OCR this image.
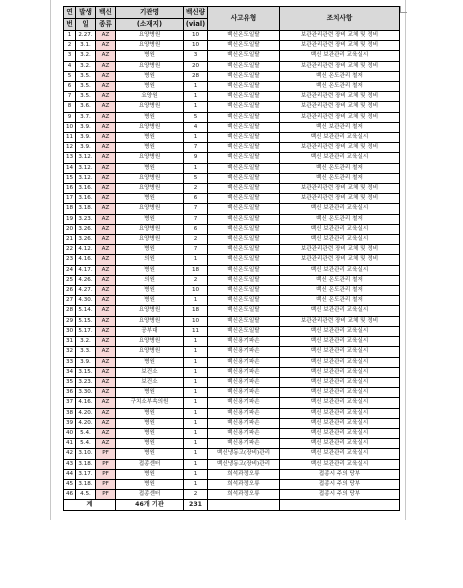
연	발생	백신	기관명	백신량	사고유형	조치사항
번	일	종류	(소재지)	(vial)		
1	2.27.	AZ	요양병원	10	백신온도일탈	보관관리관련 장비 교체 및 정비
2	3.1.	AZ	요양병원	10	백신온도일탈	보관관리관련 장비 교체 및 정비
3	3.2.	AZ	병원	3	백신온도일탈	백신 보관관리 교육실시
4	3.2.	AZ	요양병원	20	백신온도일탈	보관관리관련 장비 교체 및 정비
5	3.5.	AZ	병원	28	백신온도일탈	백신 온도관리 철저
6	3.5.	AZ	병원	1	백신온도일탈	백신 온도관리 철저
7	3.5.	AZ	요양원	1	백신온도일탈	보관관리관련 장비 교체 및 정비
8	3.6.	AZ	요양병원	1	백신온도일탈	보관관리관련 장비 교체 및 정비
9	3.7.	AZ	병원	5	백신온도일탈	보관관리관련 장비 교체 및 정비
10	3.9.	AZ	요양병원	4	백신온도일탈	백신 보관관리 철저
11	3.9.	AZ	병원	1	백신온도일탈	백신 보관관리 교육실시
12	3.9.	AZ	병원	7	백신온도일탈	보관관리관련 장비 교체 및 정비
13	3.12.	AZ	요양병원	9	백신온도일탈	백신 보관관리 교육실시
14	3.12.	AZ	병원	1	백신온도일탈	백신 온도관리 철저
15	3.12.	AZ	요양병원	5	백신온도일탈	백신 온도관리 철저
16	3.16.	AZ	요양병원	2	백신온도일탈	보관관리관련 장비 교체 및 정비
17	3.16.	AZ	병원	6	백신온도일탈	보관관리관련 장비 교체 및 정비
18	3.18.	AZ	요양병원	7	백신온도일탈	백신 보관관리 교육실시
19	3.23.	AZ	병원	7	백신온도일탈	백신 온도관리 철저
20	3.26.	AZ	요양병원	6	백신온도일탈	백신 보관관리 교육실시
21	3.26.	AZ	요양병원	2	백신온도일탈	백신 보관관리 교육실시
22	4.12.	AZ	병원	7	백신온도일탈	보관관리관련 장비 교체 및 정비
23	4.16.	AZ	의원	1	백신온도일탈	보관관리관련 장비 교체 및 정비
24	4.17.	AZ	병원	18	백신온도일탈	백신 보관관리 교육실시
25	4.26.	AZ	의원	2	백신온도일탈	백신 온도관리 철저
26	4.27.	AZ	병원	10	백신온도일탈	백신 온도관리 철저
27	4.30.	AZ	병원	1	백신온도일탈	백신 온도관리 철저
28	5.14.	AZ	요양병원	18	백신온도일탈	백신 보관관리 교육실시
29	5.15.	AZ	요양병원	10	백신온도일탈	보관관리관련 장비 교체 및 정비
30	5.17.	AZ	공부대	11	백신온도일탈	백신 보관관리 교육실시
31	3.2.	AZ	요양병원	1	백신용기파손	백신 보관관리 교육실시
32	3.3.	AZ	요양병원	1	백신용기파손	백신 보관관리 교육실시
33	3.9.	AZ	병원	1	백신용기파손	백신 보관관리 교육실시
34	3.15.	AZ	보건소	1	백신용기파손	백신 보관관리 교육실시
35	3.23.	AZ	보건소	1	백신용기파손	백신 보관관리 교육실시
36	3.30.	AZ	병원	1	백신용기파손	백신 보관관리 교육실시
37	4.16.	AZ	구치소부속의원	1	백신용기파손	백신 보관관리 교육실시
38	4.20.	AZ	병원	1	백신용기파손	백신 보관관리 교육실시
39	4.20.	AZ	병원	1	백신용기파손	백신 보관관리 교육실시
40	5.4.	AZ	병원	1	백신용기파손	백신 보관관리 교육실시
41	5.4.	AZ	병원	1	백신용기파손	백신 보관관리 교육실시
42	3.10.	PF	병원	1	백신냉동고(장비)관리	백신 보관관리 교육실시
43	3.18.	PF	접종센터	1	백신냉동고(장비)관리	백신 보관관리 교육실시
44	3.17.	PF	병원	1	희석과정오류	접종시 주의 당부
45	3.18.	PF	병원	1	희석과정오류	접종시 주의 당부
46	4.5.	PF	접종센터	2	희석과정오류	접종시 주의 당부
계			46개 기관	231		
